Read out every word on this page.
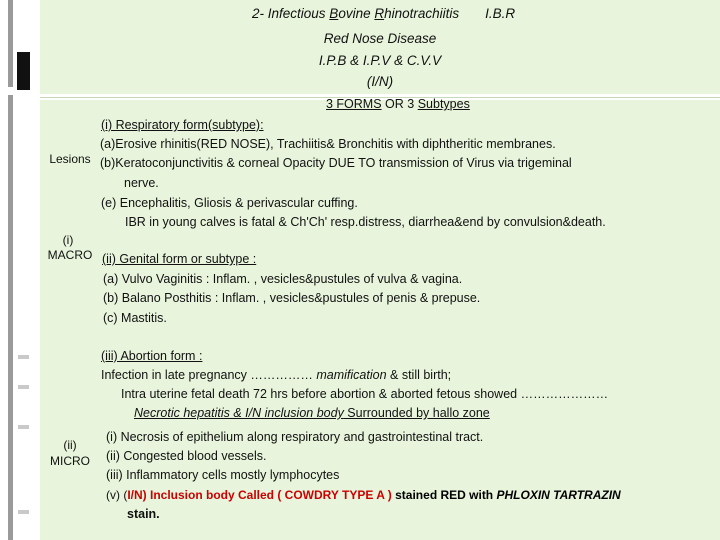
2- Infectious Bovine Rhinotrachiitis I.B.R
Red Nose Disease
I.P.B & I.P.V & C.V.V
(I/N)
3 FORMS OR 3 Subtypes
Lesions
(i)
MACRO
(ii)
MICRO
(i) Respiratory form(subtype):
(a)Erosive rhinitis(RED NOSE), Trachiitis& Bronchitis with diphtheritic membranes.
(b)Keratoconjunctivitis & corneal Opacity DUE TO transmission of Virus via trigeminal
nerve.
(e) Encephalitis, Gliosis & perivascular cuffing.
IBR in young calves is fatal & Ch'Ch' resp.distress, diarrhea&end by convulsion&death.
(ii) Genital form or subtype :
(a) Vulvo Vaginitis : Inflam. , vesicles&pustules of vulva & vagina.
(b) Balano Posthitis : Inflam. , vesicles&pustules of penis & prepuse.
(c) Mastitis.
(iii) Abortion form :
Infection in late pregnancy …………… mamification & still birth;
Intra uterine fetal death 72 hrs before abortion & aborted fetous showed …………………
Necrotic hepatitis & I/N inclusion body Surrounded by hallo zone
(i) Necrosis of epithelium along respiratory and gastrointestinal tract.
(ii) Congested blood vessels.
(iii) Inflammatory cells mostly lymphocytes
(v) (I/N) Inclusion body Called ( COWDRY TYPE A ) stained RED with PHLOXIN TARTRAZIN
stain.
